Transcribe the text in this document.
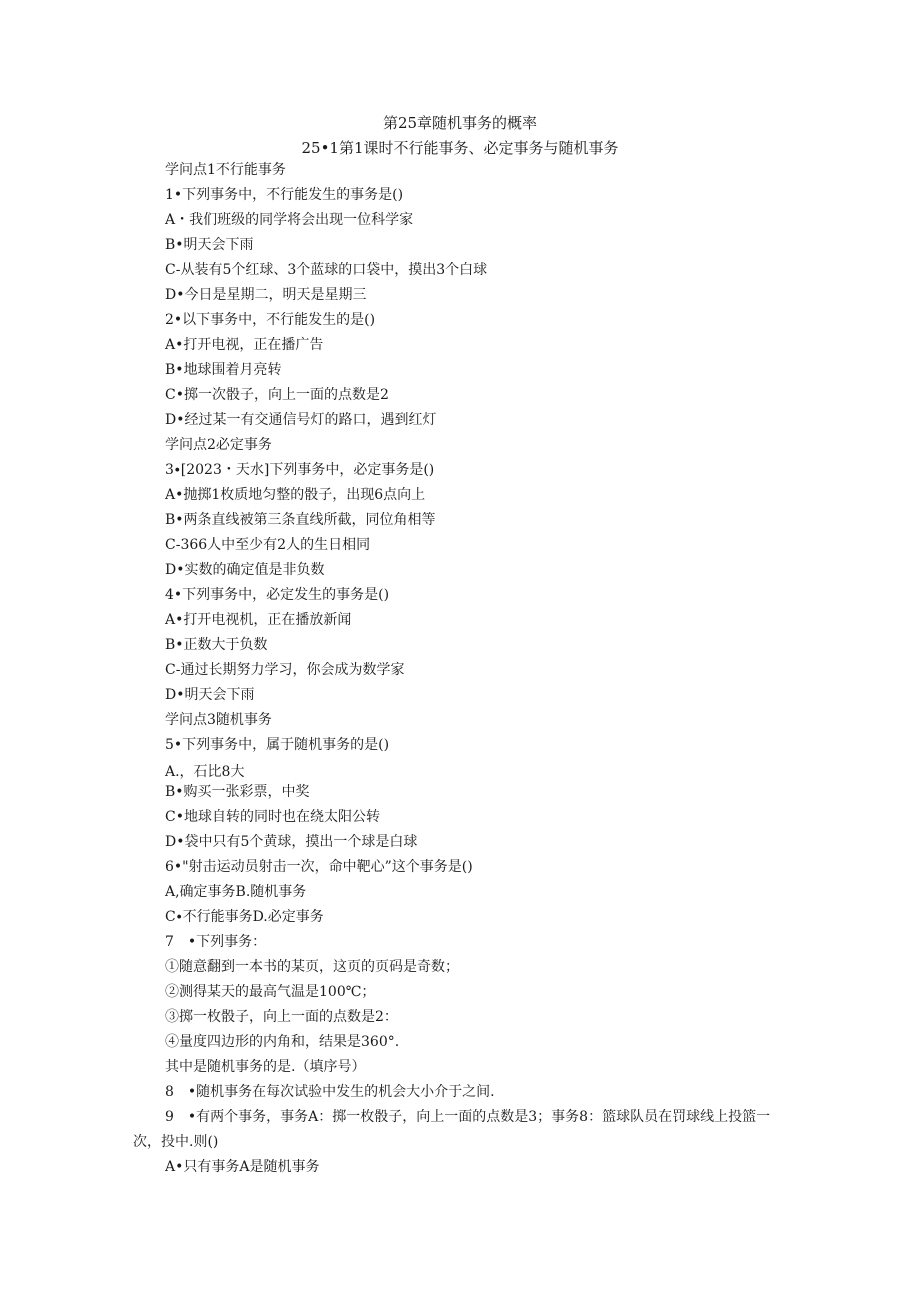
第25章随机事务的概率
25•1第1课时不行能事务、必定事务与随机事务
学问点1不行能事务
1•下列事务中，不行能发生的事务是()
A・我们班级的同学将会出现一位科学家
B•明天会下雨
C-从装有5个红球、3个蓝球的口袋中，摸出3个白球
D•今日是星期二，明天是星期三
2•以下事务中，不行能发生的是()
A•打开电视，正在播广告
B•地球围着月亮转
C•掷一次骰子，向上一面的点数是2
D•经过某一有交通信号灯的路口，遇到红灯
学问点2必定事务
3∙[2023・天水]下列事务中，必定事务是()
A•抛掷1枚质地匀整的骰子，出现6点向上
B•两条直线被第三条直线所截，同位角相等
C-366人中至少有2人的生日相同
D•实数的确定值是非负数
4•下列事务中，必定发生的事务是()
A•打开电视机，正在播放新闻
B•正数大于负数
C-通过长期努力学习，你会成为数学家
D•明天会下雨
学问点3随机事务
5•下列事务中，属于随机事务的是()
A.，石比8大
B•购买一张彩票，中奖
C•地球自转的同时也在绕太阳公转
D•袋中只有5个黄球，摸出一个球是白球
6•"射击运动员射击一次，命中靶心”这个事务是()
A,确定事务B.随机事务
C∙不行能事务D.必定事务
7　•下列事务：
①随意翻到一本书的某页，这页的页码是奇数；
②测得某天的最高气温是100℃；
③掷一枚骰子，向上一面的点数是2：
④量度四边形的内角和，结果是360°.
其中是随机事务的是.（填序号）
8　•随机事务在每次试验中发生的机会大小介于之间.
9　•有两个事务，事务A：掷一枚骰子，向上一面的点数是3；事务8：篮球队员在罚球线上投篮一次，投中.则()
A•只有事务A是随机事务
